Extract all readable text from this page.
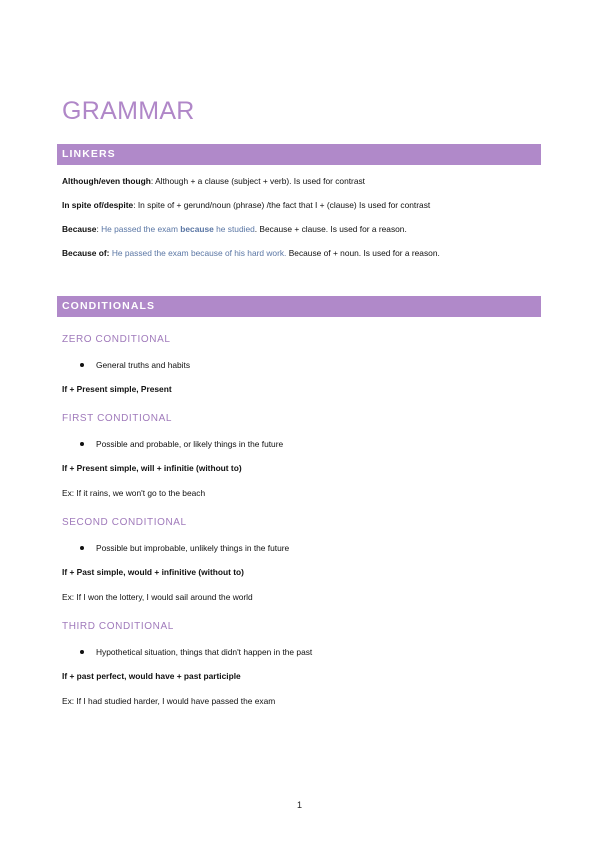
GRAMMAR
LINKERS
Although/even though: Although + a clause (subject + verb). Is used for contrast
In spite of/despite: In spite of + gerund/noun (phrase) /the fact that I + (clause) Is used for contrast
Because: He passed the exam because he studied. Because + clause. Is used for a reason.
Because of: He passed the exam because of his hard work. Because of + noun. Is used for a reason.
CONDITIONALS
ZERO CONDITIONAL
General truths and habits
If + Present simple, Present
FIRST CONDITIONAL
Possible and probable, or likely things in the future
If + Present simple, will + infinitie (without to)
Ex: If it rains, we won't go to the beach
SECOND CONDITIONAL
Possible but improbable, unlikely things in the future
If + Past simple, would + infinitive (without to)
Ex: If I won the lottery, I would sail around the world
THIRD CONDITIONAL
Hypothetical situation, things that didn't happen in the past
If + past perfect, would have + past participle
Ex: If I had studied harder, I would have passed the exam
1
